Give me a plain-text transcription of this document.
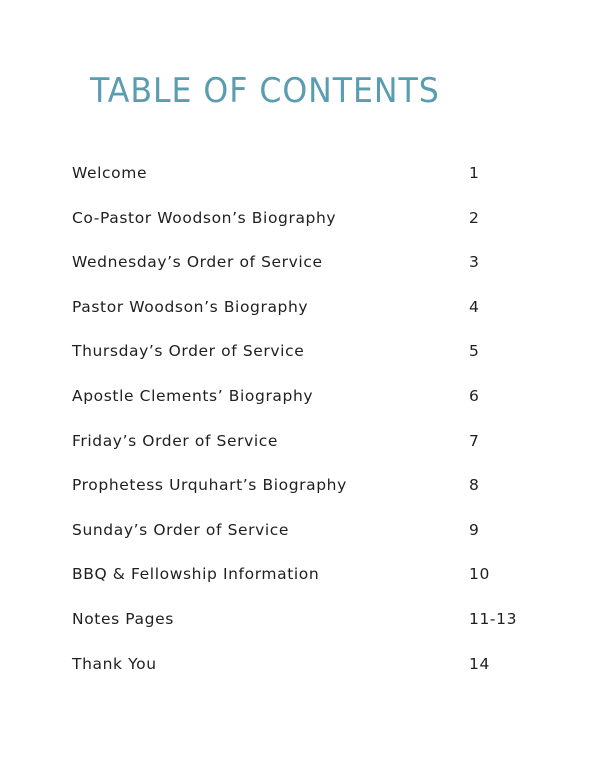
TABLE OF CONTENTS
Welcome	1
Co-Pastor Woodson’s Biography	2
Wednesday’s Order of Service	3
Pastor Woodson’s Biography	4
Thursday’s Order of Service	5
Apostle Clements’ Biography	6
Friday’s Order of Service	7
Prophetess Urquhart’s Biography	8
Sunday’s Order of Service	9
BBQ & Fellowship Information	10
Notes Pages	11-13
Thank You	14
